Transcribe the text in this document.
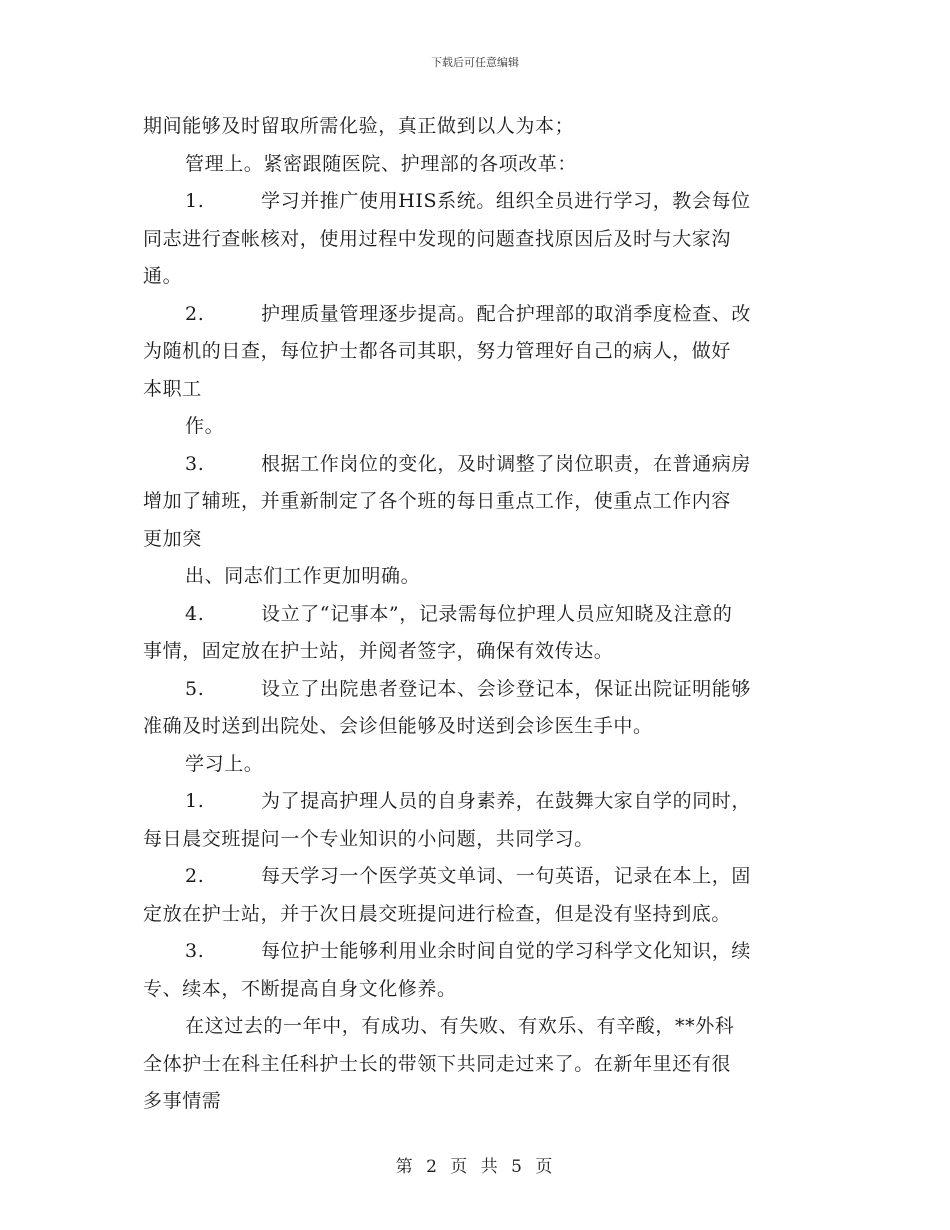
下载后可任意编辑
期间能够及时留取所需化验，真正做到以人为本；
管理上。紧密跟随医院、护理部的各项改革：
1.	学习并推广使用HIS系统。组织全员进行学习，教会每位
同志进行查帐核对，使用过程中发现的问题查找原因后及时与大家沟
通。
2.	护理质量管理逐步提高。配合护理部的取消季度检查、改
为随机的日查，每位护士都各司其职，努力管理好自己的病人，做好
本职工
作。
3.	根据工作岗位的变化，及时调整了岗位职责，在普通病房
增加了辅班，并重新制定了各个班的每日重点工作，使重点工作内容
更加突
出、同志们工作更加明确。
4.	设立了“记事本”，记录需每位护理人员应知晓及注意的
事情，固定放在护士站，并阅者签字，确保有效传达。
5.	设立了出院患者登记本、会诊登记本，保证出院证明能够
准确及时送到出院处、会诊但能够及时送到会诊医生手中。
学习上。
1.	为了提高护理人员的自身素养，在鼓舞大家自学的同时，
每日晨交班提问一个专业知识的小问题，共同学习。
2.	每天学习一个医学英文单词、一句英语，记录在本上，固
定放在护士站，并于次日晨交班提问进行检查，但是没有坚持到底。
3.	每位护士能够利用业余时间自觉的学习科学文化知识，续
专、续本，不断提高自身文化修养。
在这过去的一年中，有成功、有失败、有欢乐、有辛酸，**外科
全体护士在科主任科护士长的带领下共同走过来了。在新年里还有很
多事情需
第 2 页 共 5 页
